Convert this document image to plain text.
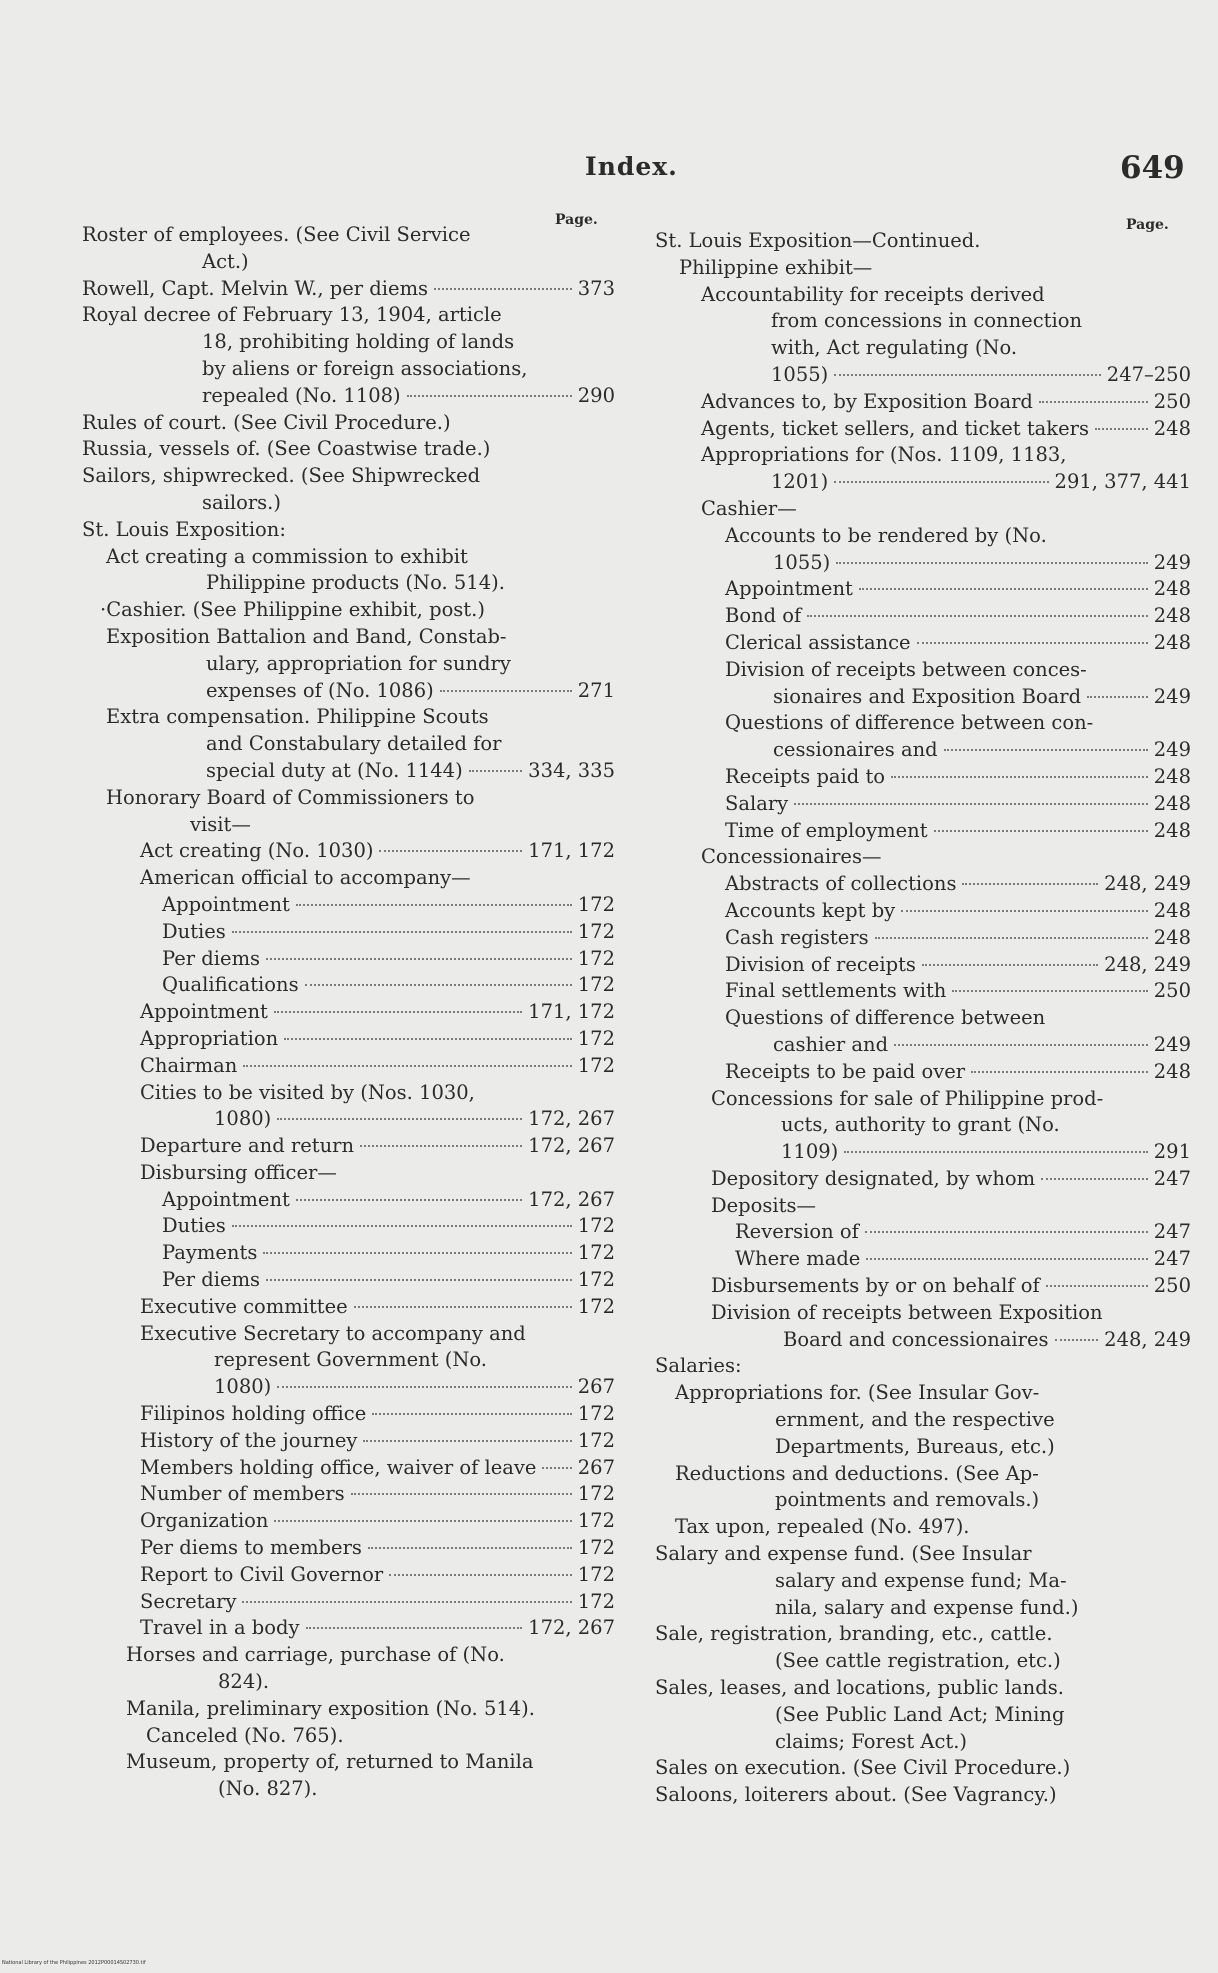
Index.	649
Page.	Page.
Roster of employees. (See Civil Service
Act.)
Rowell, Capt. Melvin W., per diems	373
Royal decree of February 13, 1904, article
18, prohibiting holding of lands
by aliens or foreign associations,
repealed (No. 1108)	290
Rules of court. (See Civil Procedure.)
Russia, vessels of. (See Coastwise trade.)
Sailors, shipwrecked. (See Shipwrecked
sailors.)
St. Louis Exposition:
Act creating a commission to exhibit
Philippine products (No. 514).
·Cashier. (See Philippine exhibit, post.)
Exposition Battalion and Band, Constab-
ulary, appropriation for sundry
expenses of (No. 1086)	271
Extra compensation. Philippine Scouts
and Constabulary detailed for
special duty at (No. 1144)	334, 335
Honorary Board of Commissioners to
visit—
Act creating (No. 1030)	171, 172
American official to accompany—
Appointment	172
Duties	172
Per diems	172
Qualifications	172
Appointment	171, 172
Appropriation	172
Chairman	172
Cities to be visited by (Nos. 1030,
1080)	172, 267
Departure and return	172, 267
Disbursing officer—
Appointment	172, 267
Duties	172
Payments	172
Per diems	172
Executive committee	172
Executive Secretary to accompany and
represent Government (No.
1080)	267
Filipinos holding office	172
History of the journey	172
Members holding office, waiver of leave 267
Number of members	172
Organization	172
Per diems to members	172
Report to Civil Governor	172
Secretary	172
Travel in a body	172, 267
Horses and carriage, purchase of (No.
824).
Manila, preliminary exposition (No. 514).
Canceled (No. 765).
Museum, property of, returned to Manila
(No. 827).
St. Louis Exposition—Continued.
Philippine exhibit—
Accountability for receipts derived
from concessions in connection
with, Act regulating (No.
1055)	247–250
Advances to, by Exposition Board	250
Agents, ticket sellers, and ticket takers	248
Appropriations for (Nos. 1109, 1183,
1201)	291, 377, 441
Cashier—
Accounts to be rendered by (No.
1055)	249
Appointment	248
Bond of	248
Clerical assistance	248
Division of receipts between conces-
sionaires and Exposition Board	249
Questions of difference between con-
cessionaires and	249
Receipts paid to	248
Salary	248
Time of employment	248
Concessionaires—
Abstracts of collections	248, 249
Accounts kept by	248
Cash registers	248
Division of receipts	248, 249
Final settlements with	250
Questions of difference between
cashier and	249
Receipts to be paid over	248
Concessions for sale of Philippine prod-
ucts, authority to grant (No.
1109)	291
Depository designated, by whom	247
Deposits—
Reversion of	247
Where made	247
Disbursements by or on behalf of	250
Division of receipts between Exposition
Board and concessionaires	248, 249
Salaries:
Appropriations for. (See Insular Gov-
ernment, and the respective
Departments, Bureaus, etc.)
Reductions and deductions. (See Ap-
pointments and removals.)
Tax upon, repealed (No. 497).
Salary and expense fund. (See Insular
salary and expense fund; Ma-
nila, salary and expense fund.)
Sale, registration, branding, etc., cattle.
(See cattle registration, etc.)
Sales, leases, and locations, public lands.
(See Public Land Act; Mining
claims; Forest Act.)
Sales on execution. (See Civil Procedure.)
Saloons, loiterers about. (See Vagrancy.)
National Library of the Philippines 2012P00014S02730.tif
